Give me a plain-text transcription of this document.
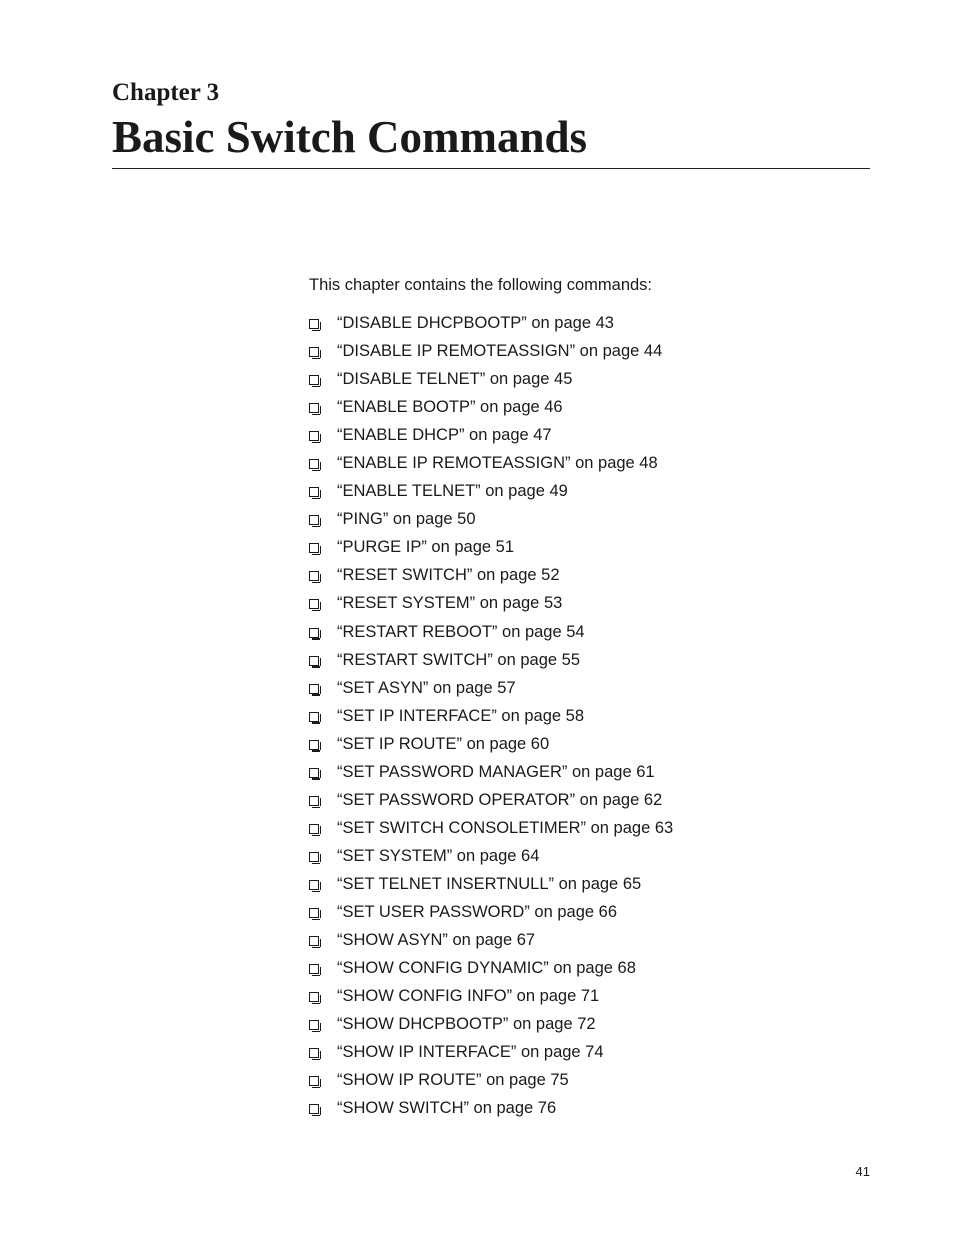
Chapter 3
Basic Switch Commands

This chapter contains the following commands:

“DISABLE DHCPBOOTP” on page 43
“DISABLE IP REMOTEASSIGN” on page 44
“DISABLE TELNET” on page 45
“ENABLE BOOTP” on page 46
“ENABLE DHCP” on page 47
“ENABLE IP REMOTEASSIGN” on page 48
“ENABLE TELNET” on page 49
“PING” on page 50
“PURGE IP” on page 51
“RESET SWITCH” on page 52
“RESET SYSTEM” on page 53
“RESTART REBOOT” on page 54
“RESTART SWITCH” on page 55
“SET ASYN” on page 57
“SET IP INTERFACE” on page 58
“SET IP ROUTE” on page 60
“SET PASSWORD MANAGER” on page 61
“SET PASSWORD OPERATOR” on page 62
“SET SWITCH CONSOLETIMER” on page 63
“SET SYSTEM” on page 64
“SET TELNET INSERTNULL” on page 65
“SET USER PASSWORD” on page 66
“SHOW ASYN” on page 67
“SHOW CONFIG DYNAMIC” on page 68
“SHOW CONFIG INFO” on page 71
“SHOW DHCPBOOTP” on page 72
“SHOW IP INTERFACE” on page 74
“SHOW IP ROUTE” on page 75
“SHOW SWITCH” on page 76
41
